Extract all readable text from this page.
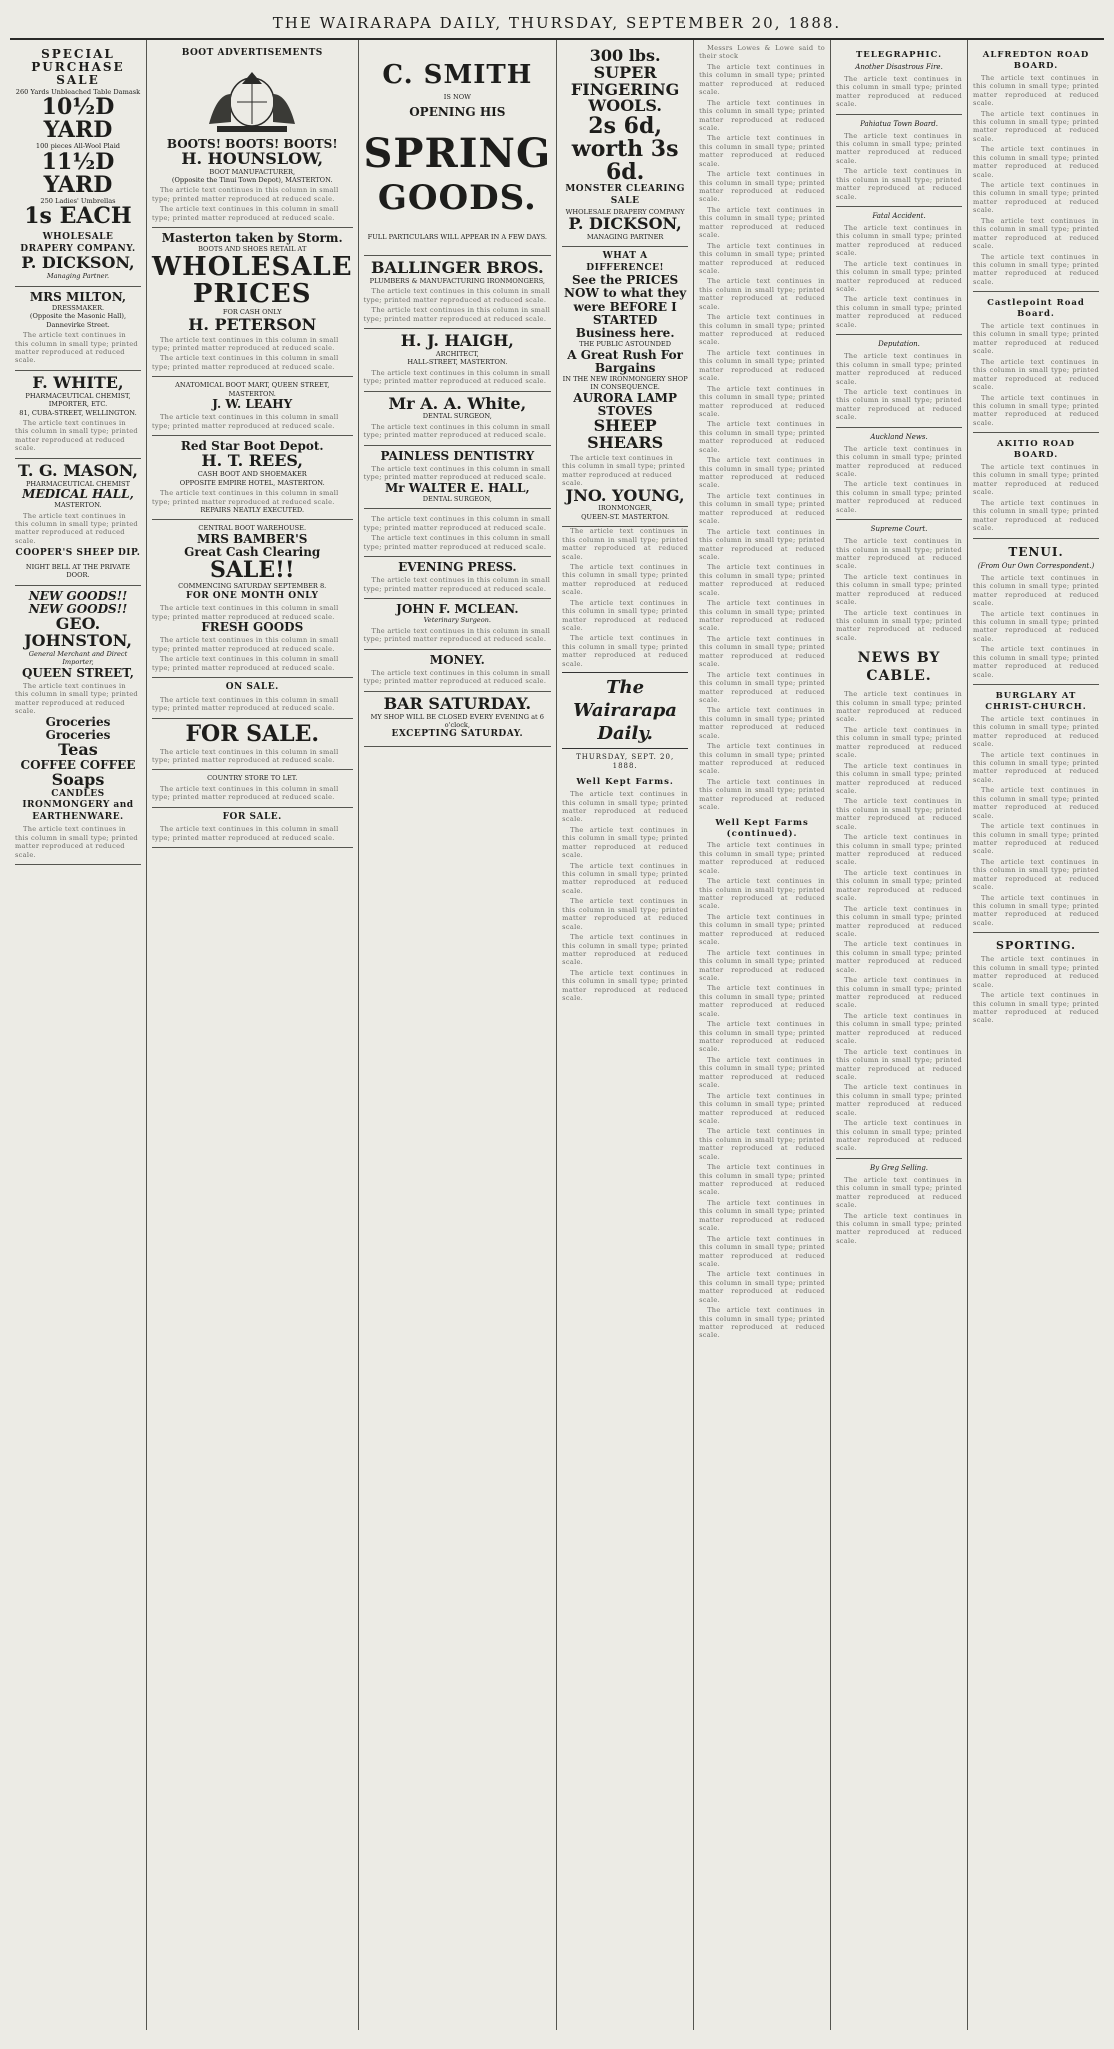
THE WAIRARAPA DAILY, THURSDAY, SEPTEMBER 20, 1888.
SPECIAL PURCHASE SALE
260 Yards Unbleached Table Damask
10½D YARD
100 pieces All-Wool Plaid
11½D YARD
250 Ladies' Umbrellas
1s EACH
WHOLESALE DRAPERY COMPANY.
P. DICKSON,
Managing Partner.
MRS MILTON,
DRESSMAKER.
(Opposite the Masonic Hall), Dannevirke Street.

The article text continues in this column in small type; printed matter reproduced at reduced scale.

F. WHITE,
PHARMACEUTICAL CHEMIST, IMPORTER, ETC.
81, CUBA-STREET, WELLINGTON.

The article text continues in this column in small type; printed matter reproduced at reduced scale.

T. G. MASON,
PHARMACEUTICAL CHEMIST
MEDICAL HALL,
MASTERTON.

The article text continues in this column in small type; printed matter reproduced at reduced scale.

COOPER'S SHEEP DIP.
NIGHT BELL AT THE PRIVATE DOOR.
NEW GOODS!! NEW GOODS!!
GEO. JOHNSTON,
General Merchant and Direct Importer,
QUEEN STREET,

The article text continues in this column in small type; printed matter reproduced at reduced scale.

Groceries Groceries
Teas
COFFEE COFFEE
Soaps
CANDLES
IRONMONGERY and EARTHENWARE.

The article text continues in this column in small type; printed matter reproduced at reduced scale.

BOOT ADVERTISEMENTS
BOOTS! BOOTS! BOOTS!
H. HOUNSLOW,
BOOT MANUFACTURER,
(Opposite the Tinui Town Depot), MASTERTON.

The article text continues in this column in small type; printed matter reproduced at reduced scale.

The article text continues in this column in small type; printed matter reproduced at reduced scale.

Masterton taken by Storm.
BOOTS AND SHOES RETAIL AT
WHOLESALE PRICES
FOR CASH ONLY
H. PETERSON

The article text continues in this column in small type; printed matter reproduced at reduced scale.

The article text continues in this column in small type; printed matter reproduced at reduced scale.

ANATOMICAL BOOT MART, QUEEN STREET, MASTERTON.
J. W. LEAHY

The article text continues in this column in small type; printed matter reproduced at reduced scale.

Red Star Boot Depot.
H. T. REES,
CASH BOOT AND SHOEMAKER
OPPOSITE EMPIRE HOTEL, MASTERTON.

The article text continues in this column in small type; printed matter reproduced at reduced scale.

REPAIRS NEATLY EXECUTED.
CENTRAL BOOT WAREHOUSE.
MRS BAMBER'S
Great Cash Clearing
SALE!!
COMMENCING SATURDAY SEPTEMBER 8.
FOR ONE MONTH ONLY

The article text continues in this column in small type; printed matter reproduced at reduced scale.

FRESH GOODS

The article text continues in this column in small type; printed matter reproduced at reduced scale.

The article text continues in this column in small type; printed matter reproduced at reduced scale.

ON SALE.

The article text continues in this column in small type; printed matter reproduced at reduced scale.

FOR SALE.

The article text continues in this column in small type; printed matter reproduced at reduced scale.

COUNTRY STORE TO LET.

The article text continues in this column in small type; printed matter reproduced at reduced scale.

FOR SALE.

The article text continues in this column in small type; printed matter reproduced at reduced scale.

C. SMITH
IS NOW
OPENING HIS
SPRING
GOODS.
FULL PARTICULARS WILL APPEAR IN A FEW DAYS.
BALLINGER BROS.
PLUMBERS & MANUFACTURING IRONMONGERS,

The article text continues in this column in small type; printed matter reproduced at reduced scale.

The article text continues in this column in small type; printed matter reproduced at reduced scale.

H. J. HAIGH,
ARCHITECT,
HALL-STREET, MASTERTON.

The article text continues in this column in small type; printed matter reproduced at reduced scale.

Mr A. A. White,
DENTAL SURGEON,

The article text continues in this column in small type; printed matter reproduced at reduced scale.

PAINLESS DENTISTRY

The article text continues in this column in small type; printed matter reproduced at reduced scale.

Mr WALTER E. HALL,
DENTAL SURGEON,

The article text continues in this column in small type; printed matter reproduced at reduced scale.

The article text continues in this column in small type; printed matter reproduced at reduced scale.

EVENING PRESS.

The article text continues in this column in small type; printed matter reproduced at reduced scale.

JOHN F. MCLEAN.
Veterinary Surgeon.

The article text continues in this column in small type; printed matter reproduced at reduced scale.

MONEY.

The article text continues in this column in small type; printed matter reproduced at reduced scale.

BAR SATURDAY.
MY SHOP WILL BE CLOSED EVERY EVENING at 6 o'clock,
EXCEPTING SATURDAY.
300 lbs. SUPER FINGERING WOOLS.
2s 6d, worth 3s 6d.
MONSTER CLEARING SALE
WHOLESALE DRAPERY COMPANY
P. DICKSON,
MANAGING PARTNER
WHAT A DIFFERENCE!
See the PRICES NOW to what they were BEFORE I STARTED Business here.
THE PUBLIC ASTOUNDED
A Great Rush For Bargains
IN THE NEW IRONMONGERY SHOP IN CONSEQUENCE.
AURORA LAMP STOVES
SHEEP SHEARS

The article text continues in this column in small type; printed matter reproduced at reduced scale.

JNO. YOUNG,
IRONMONGER,
QUEEN-ST. MASTERTON.

The article text continues in this column in small type; printed matter reproduced at reduced scale.

The article text continues in this column in small type; printed matter reproduced at reduced scale.

The article text continues in this column in small type; printed matter reproduced at reduced scale.

The article text continues in this column in small type; printed matter reproduced at reduced scale.

The Wairarapa Daily.
THURSDAY, SEPT. 20, 1888.
Well Kept Farms.

The article text continues in this column in small type; printed matter reproduced at reduced scale.

The article text continues in this column in small type; printed matter reproduced at reduced scale.

The article text continues in this column in small type; printed matter reproduced at reduced scale.

The article text continues in this column in small type; printed matter reproduced at reduced scale.

The article text continues in this column in small type; printed matter reproduced at reduced scale.

The article text continues in this column in small type; printed matter reproduced at reduced scale.

Messrs Lowes & Lowe said to their stock

The article text continues in this column in small type; printed matter reproduced at reduced scale.

The article text continues in this column in small type; printed matter reproduced at reduced scale.

The article text continues in this column in small type; printed matter reproduced at reduced scale.

The article text continues in this column in small type; printed matter reproduced at reduced scale.

The article text continues in this column in small type; printed matter reproduced at reduced scale.

The article text continues in this column in small type; printed matter reproduced at reduced scale.

The article text continues in this column in small type; printed matter reproduced at reduced scale.

The article text continues in this column in small type; printed matter reproduced at reduced scale.

The article text continues in this column in small type; printed matter reproduced at reduced scale.

The article text continues in this column in small type; printed matter reproduced at reduced scale.

The article text continues in this column in small type; printed matter reproduced at reduced scale.

The article text continues in this column in small type; printed matter reproduced at reduced scale.

The article text continues in this column in small type; printed matter reproduced at reduced scale.

The article text continues in this column in small type; printed matter reproduced at reduced scale.

The article text continues in this column in small type; printed matter reproduced at reduced scale.

The article text continues in this column in small type; printed matter reproduced at reduced scale.

The article text continues in this column in small type; printed matter reproduced at reduced scale.

The article text continues in this column in small type; printed matter reproduced at reduced scale.

The article text continues in this column in small type; printed matter reproduced at reduced scale.

The article text continues in this column in small type; printed matter reproduced at reduced scale.

The article text continues in this column in small type; printed matter reproduced at reduced scale.

Well Kept Farms (continued).

The article text continues in this column in small type; printed matter reproduced at reduced scale.

The article text continues in this column in small type; printed matter reproduced at reduced scale.

The article text continues in this column in small type; printed matter reproduced at reduced scale.

The article text continues in this column in small type; printed matter reproduced at reduced scale.

The article text continues in this column in small type; printed matter reproduced at reduced scale.

The article text continues in this column in small type; printed matter reproduced at reduced scale.

The article text continues in this column in small type; printed matter reproduced at reduced scale.

The article text continues in this column in small type; printed matter reproduced at reduced scale.

The article text continues in this column in small type; printed matter reproduced at reduced scale.

The article text continues in this column in small type; printed matter reproduced at reduced scale.

The article text continues in this column in small type; printed matter reproduced at reduced scale.

The article text continues in this column in small type; printed matter reproduced at reduced scale.

The article text continues in this column in small type; printed matter reproduced at reduced scale.

The article text continues in this column in small type; printed matter reproduced at reduced scale.

TELEGRAPHIC.
Another Disastrous Fire.

The article text continues in this column in small type; printed matter reproduced at reduced scale.

Pahiatua Town Board.

The article text continues in this column in small type; printed matter reproduced at reduced scale.

The article text continues in this column in small type; printed matter reproduced at reduced scale.

Fatal Accident.

The article text continues in this column in small type; printed matter reproduced at reduced scale.

The article text continues in this column in small type; printed matter reproduced at reduced scale.

The article text continues in this column in small type; printed matter reproduced at reduced scale.

Deputation.

The article text continues in this column in small type; printed matter reproduced at reduced scale.

The article text continues in this column in small type; printed matter reproduced at reduced scale.

Auckland News.

The article text continues in this column in small type; printed matter reproduced at reduced scale.

The article text continues in this column in small type; printed matter reproduced at reduced scale.

Supreme Court.

The article text continues in this column in small type; printed matter reproduced at reduced scale.

The article text continues in this column in small type; printed matter reproduced at reduced scale.

The article text continues in this column in small type; printed matter reproduced at reduced scale.

NEWS BY CABLE.

The article text continues in this column in small type; printed matter reproduced at reduced scale.

The article text continues in this column in small type; printed matter reproduced at reduced scale.

The article text continues in this column in small type; printed matter reproduced at reduced scale.

The article text continues in this column in small type; printed matter reproduced at reduced scale.

The article text continues in this column in small type; printed matter reproduced at reduced scale.

The article text continues in this column in small type; printed matter reproduced at reduced scale.

The article text continues in this column in small type; printed matter reproduced at reduced scale.

The article text continues in this column in small type; printed matter reproduced at reduced scale.

The article text continues in this column in small type; printed matter reproduced at reduced scale.

The article text continues in this column in small type; printed matter reproduced at reduced scale.

The article text continues in this column in small type; printed matter reproduced at reduced scale.

The article text continues in this column in small type; printed matter reproduced at reduced scale.

The article text continues in this column in small type; printed matter reproduced at reduced scale.

By Greg Selling.

The article text continues in this column in small type; printed matter reproduced at reduced scale.

The article text continues in this column in small type; printed matter reproduced at reduced scale.

ALFREDTON ROAD BOARD.

The article text continues in this column in small type; printed matter reproduced at reduced scale.

The article text continues in this column in small type; printed matter reproduced at reduced scale.

The article text continues in this column in small type; printed matter reproduced at reduced scale.

The article text continues in this column in small type; printed matter reproduced at reduced scale.

The article text continues in this column in small type; printed matter reproduced at reduced scale.

The article text continues in this column in small type; printed matter reproduced at reduced scale.

Castlepoint Road Board.

The article text continues in this column in small type; printed matter reproduced at reduced scale.

The article text continues in this column in small type; printed matter reproduced at reduced scale.

The article text continues in this column in small type; printed matter reproduced at reduced scale.

AKITIO ROAD BOARD.

The article text continues in this column in small type; printed matter reproduced at reduced scale.

The article text continues in this column in small type; printed matter reproduced at reduced scale.

TENUI.
(From Our Own Correspondent.)

The article text continues in this column in small type; printed matter reproduced at reduced scale.

The article text continues in this column in small type; printed matter reproduced at reduced scale.

The article text continues in this column in small type; printed matter reproduced at reduced scale.

BURGLARY AT CHRIST-CHURCH.

The article text continues in this column in small type; printed matter reproduced at reduced scale.

The article text continues in this column in small type; printed matter reproduced at reduced scale.

The article text continues in this column in small type; printed matter reproduced at reduced scale.

The article text continues in this column in small type; printed matter reproduced at reduced scale.

The article text continues in this column in small type; printed matter reproduced at reduced scale.

The article text continues in this column in small type; printed matter reproduced at reduced scale.

SPORTING.

The article text continues in this column in small type; printed matter reproduced at reduced scale.

The article text continues in this column in small type; printed matter reproduced at reduced scale.
